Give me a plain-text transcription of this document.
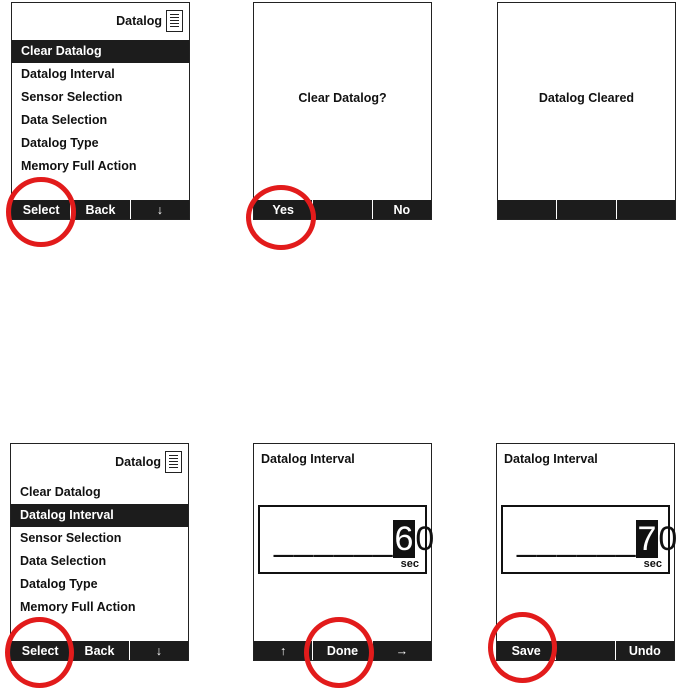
Datalog
Clear Datalog
Datalog Interval
Sensor Selection
Data Selection
Datalog Type
Memory Full Action
Select	Back	↓
Clear Datalog?
Yes	No
Datalog Cleared
Datalog
Clear Datalog
Datalog Interval
Sensor Selection
Data Selection
Datalog Type
Memory Full Action
Select	Back	↓
Datalog Interval
______60
sec
↑	Done	→
Datalog Interval
______70
sec
Save	Undo
